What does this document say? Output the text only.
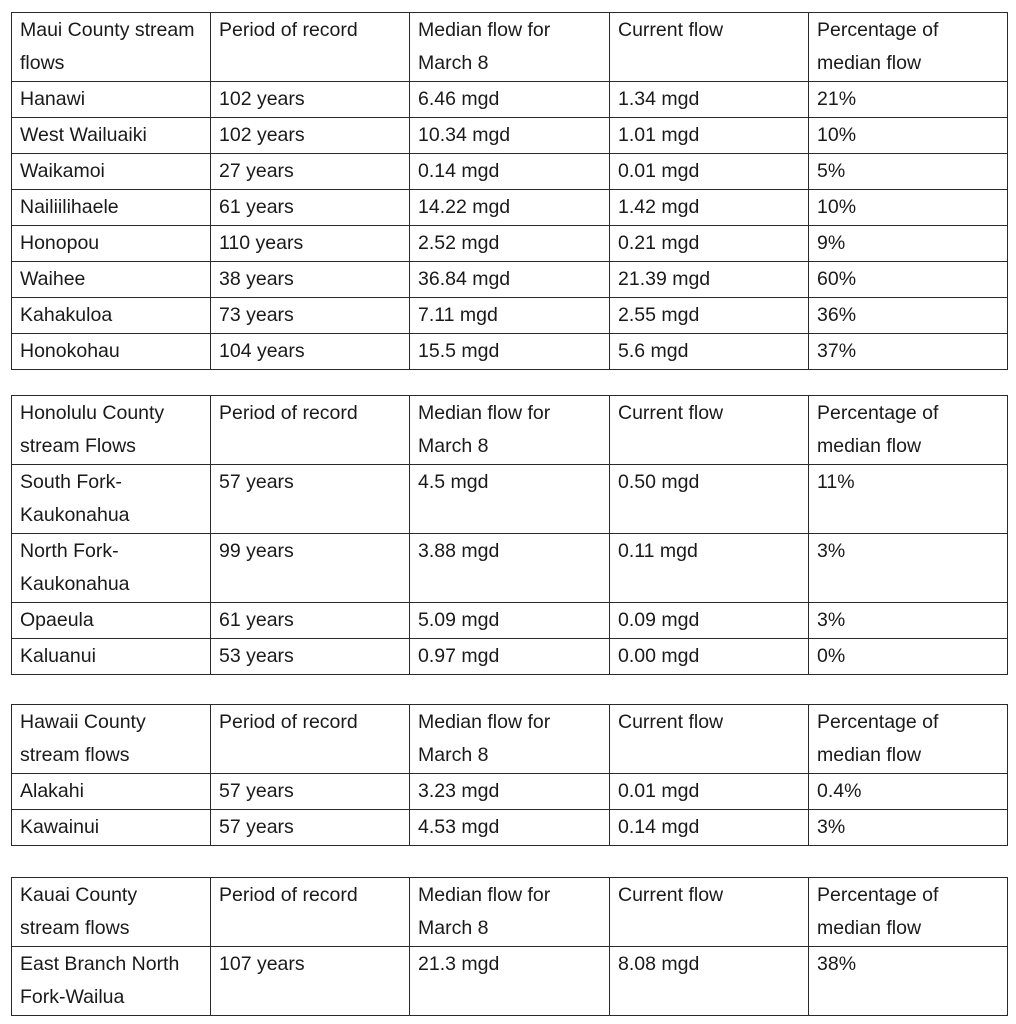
Maui County stream flows	Period of record	Median flow for March 8	Current flow	Percentage of median flow
Hanawi	102 years	6.46 mgd	1.34 mgd	21%
West Wailuaiki	102 years	10.34 mgd	1.01 mgd	10%
Waikamoi	27 years	0.14 mgd	0.01 mgd	5%
Nailiilihaele	61 years	14.22 mgd	1.42 mgd	10%
Honopou	110 years	2.52 mgd	0.21 mgd	9%
Waihee	38 years	36.84 mgd	21.39 mgd	60%
Kahakuloa	73 years	7.11 mgd	2.55 mgd	36%
Honokohau	104 years	15.5 mgd	5.6 mgd	37%
Honolulu County stream Flows	Period of record	Median flow for March 8	Current flow	Percentage of median flow
South Fork-Kaukonahua	57 years	4.5 mgd	0.50 mgd	11%
North Fork-Kaukonahua	99 years	3.88 mgd	0.11 mgd	3%
Opaeula	61 years	5.09 mgd	0.09 mgd	3%
Kaluanui	53 years	0.97 mgd	0.00 mgd	0%
Hawaii County stream flows	Period of record	Median flow for March 8	Current flow	Percentage of median flow
Alakahi	57 years	3.23 mgd	0.01 mgd	0.4%
Kawainui	57 years	4.53 mgd	0.14 mgd	3%
Kauai County stream flows	Period of record	Median flow for March 8	Current flow	Percentage of median flow
East Branch North Fork-Wailua	107 years	21.3 mgd	8.08 mgd	38%
